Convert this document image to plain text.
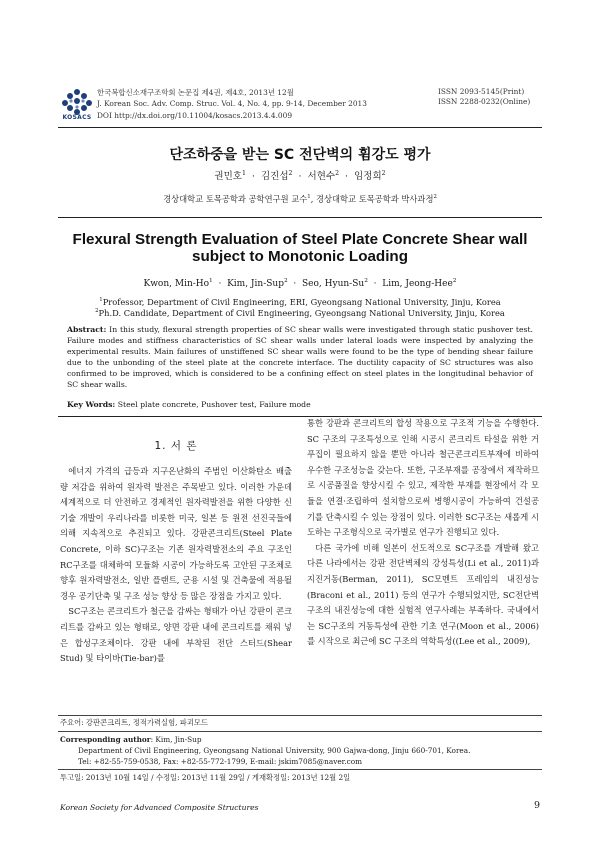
KOSACS
한국복합신소재구조학회 논문집 제4권, 제4호, 2013년 12월
J. Korean Soc. Adv. Comp. Struc. Vol. 4, No. 4, pp. 9-14, December 2013
DOI http://dx.doi.org/10.11004/kosacs.2013.4.4.009
ISSN 2093-5145(Print)
ISSN 2288-0232(Online)
단조하중을 받는 SC 전단벽의 휨강도 평가
권민호$^1$  ·  김진섭$^2$  ·  서현수$^2$  ·  임정희$^2$
경상대학교 토목공학과 공학연구원 교수$^1$, 경상대학교 토목공학과 박사과정$^2$
Flexural Strength Evaluation of Steel Plate Concrete Shear wall subject to Monotonic Loading
Kwon, Min-Ho$^1$  ·  Kim, Jin-Sup$^2$  ·  Seo, Hyun-Su$^2$  ·  Lim, Jeong-Hee$^2$
$^1$Professor, Department of Civil Engineering, ERI, Gyeongsang National University, Jinju, Korea
$^2$Ph.D. Candidate, Department of Civil Engineering, Gyeongsang National University, Jinju, Korea
Abstract: In this study, flexural strength properties of SC shear walls were investigated through static pushover test. Failure modes and stiffness characteristics of SC shear walls under lateral loads were inspected by analyzing the experimental results. Main failures of unstiffened SC shear walls were found to be the type of bending shear failure due to the unbonding of the steel plate at the concrete interface. The ductility capacity of SC structures was also confirmed to be improved, which is considered to be a confining effect on steel plates in the longitudinal behavior of SC shear walls.
Key Words: Steel plate concrete, Pushover test, Failure mode
1. 서 론

에너지 가격의 급등과 지구온난화의 주범인 이산화탄소 배출량 저감을 위하여 원자력 발전은 주목받고 있다. 이러한 가운데 세계적으로 더 안전하고 경제적인 원자력발전을 위한 다양한 신기술 개발이 우리나라를 비롯한 미국, 일본 등 원전 선진국들에 의해 지속적으로 추진되고 있다. 강판콘크리트(Steel Plate Concrete, 이하 SC)구조는 기존 원자력발전소의 주요 구조인 RC구조를 대체하여 모듈화 시공이 가능하도록 고안된 구조체로 향후 원자력발전소, 일반 플랜트, 군용 시설 및 건축물에 적용될 경우 공기단축 및 구조 성능 향상 등 많은 장점을 가지고 있다.

SC구조는 콘크리트가 철근을 감싸는 형태가 아닌 강판이 콘크리트를 감싸고 있는 형태로, 양면 강판 내에 콘크리트를 채워 넣은 합성구조체이다. 강판 내에 부착된 전단 스터드(Shear Stud) 및 타이바(Tie-bar)를

통한 강판과 콘크리트의 합성 작용으로 구조적 기능을 수행한다. SC 구조의 구조특성으로 인해 시공시 콘크리트 타설을 위한 거푸집이 필요하지 않을 뿐만 아니라 철근콘크리트부재에 비하여 우수한 구조성능을 갖는다. 또한, 구조부재를 공장에서 제작하므로 시공품질을 향상시킬 수 있고, 제작한 부재를 현장에서 각 모듈을 연결·조립하여 설치함으로써 병행시공이 가능하여 건설공기를 단축시킬 수 있는 장점이 있다. 이러한 SC구조는 새롭게 시도하는 구조형식으로 국가별로 연구가 진행되고 있다.

다른 국가에 비해 일본이 선도적으로 SC구조를 개발해 왔고 다른 나라에서는 강판 전단벽체의 강성특성(Li et al., 2011)과 지진거동(Berman, 2011), SC모멘트 프레임의 내진성능(Braconi et al., 2011) 등의 연구가 수행되었지만, SC전단벽 구조의 내진성능에 대한 실험적 연구사례는 부족하다. 국내에서는 SC구조의 거동특성에 관한 기초 연구(Moon et al., 2006)를 시작으로 최근에 SC 구조의 역학특성((Lee et al., 2009),

주요어: 강판콘크리트, 정적가력실험, 파괴모드
Corresponding author: Kim, Jin-Sup
Department of Civil Engineering, Gyeongsang National University, 900 Gajwa-dong, Jinju 660-701, Korea.
Tel: +82-55-759-0538, Fax: +82-55-772-1799, E-mail: jskim7085@naver.com
투고일: 2013년 10월 14일 / 수정일: 2013년 11월 29일 / 게재확정일: 2013년 12월 2일
Korean Society for Advanced Composite Structures	9
